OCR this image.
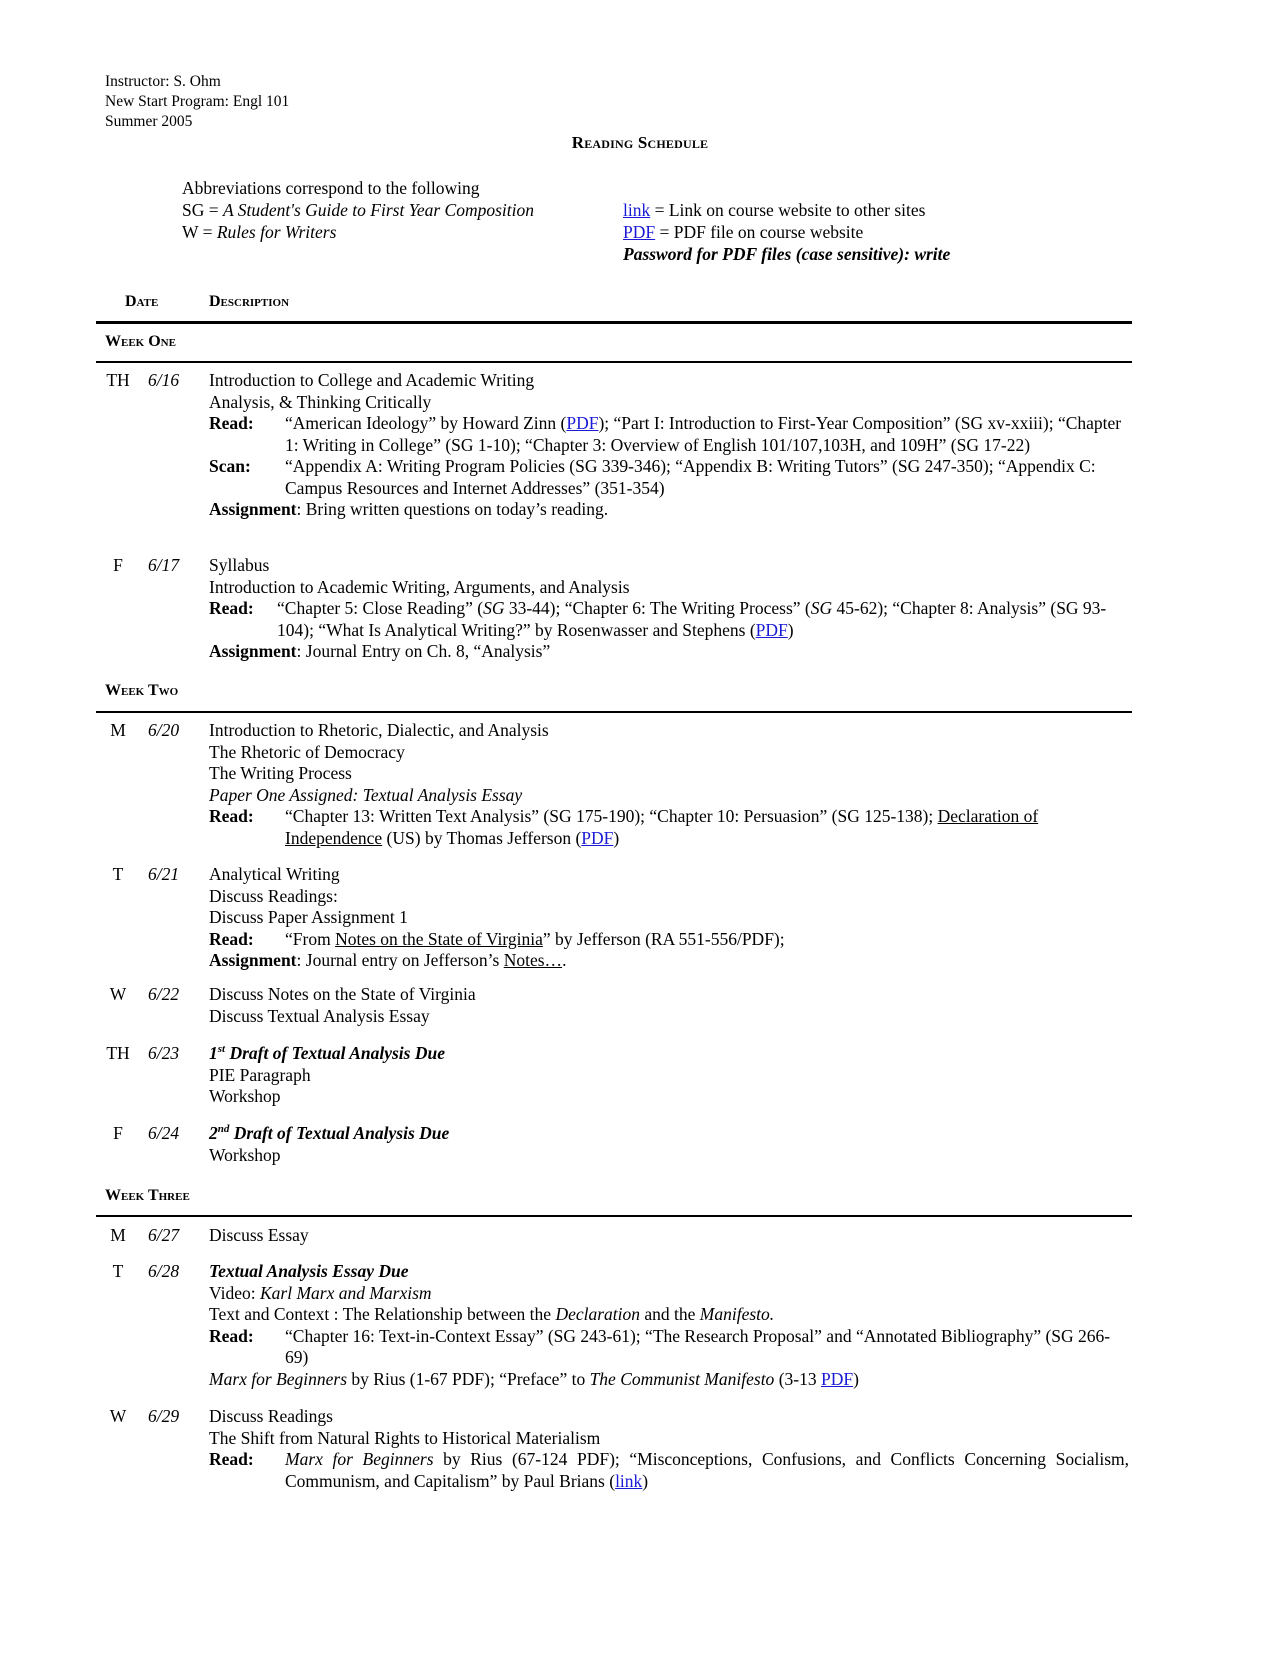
Instructor: S. Ohm
New Start Program: Engl 101
Summer 2005
Reading Schedule
Abbreviations correspond to the following
SG = A Student's Guide to First Year Composition
W = Rules for Writers
link = Link on course website to other sites
PDF = PDF file on course website
Password for PDF files (case sensitive): write
Date	Description
Week One
TH	6/16	Introduction to College and Academic Writing
Analysis, & Thinking Critically
Read:	“American Ideology” by Howard Zinn (PDF); “Part I: Introduction to First-Year Composition” (SG xv-xxiii); “Chapter 1: Writing in College” (SG 1-10); “Chapter 3: Overview of English 101/107,103H, and 109H” (SG 17-22)
Scan:	“Appendix A: Writing Program Policies (SG 339-346); “Appendix B: Writing Tutors” (SG 247-350); “Appendix C: Campus Resources and Internet Addresses” (351-354)
Assignment: Bring written questions on today’s reading.
F	6/17	Syllabus
Introduction to Academic Writing, Arguments, and Analysis
Read:	“Chapter 5: Close Reading” (SG 33-44); “Chapter 6: The Writing Process” (SG 45-62); “Chapter 8: Analysis” (SG 93-104); “What Is Analytical Writing?” by Rosenwasser and Stephens (PDF)
Assignment: Journal Entry on Ch. 8, “Analysis”
Week Two
M	6/20	Introduction to Rhetoric, Dialectic, and Analysis
The Rhetoric of Democracy
The Writing Process
Paper One Assigned: Textual Analysis Essay
Read:	“Chapter 13: Written Text Analysis” (SG 175-190); “Chapter 10: Persuasion” (SG 125-138); Declaration of Independence (US) by Thomas Jefferson (PDF)
T	6/21	Analytical Writing
Discuss Readings:
Discuss Paper Assignment 1
Read:	“From Notes on the State of Virginia” by Jefferson (RA 551-556/PDF);
Assignment: Journal entry on Jefferson’s Notes….
W	6/22	Discuss Notes on the State of Virginia
Discuss Textual Analysis Essay
TH	6/23	1st Draft of Textual Analysis Due
PIE Paragraph
Workshop
F	6/24	2nd Draft of Textual Analysis Due
Workshop
Week Three
M	6/27	Discuss Essay
T	6/28	Textual Analysis Essay Due
Video: Karl Marx and Marxism
Text and Context : The Relationship between the Declaration and the Manifesto.
Read:	“Chapter 16: Text-in-Context Essay” (SG 243-61); “The Research Proposal” and “Annotated Bibliography” (SG 266-69)
Marx for Beginners by Rius (1-67 PDF); “Preface” to The Communist Manifesto (3-13 PDF)
W	6/29	Discuss Readings
The Shift from Natural Rights to Historical Materialism
Read:	Marx for Beginners by Rius (67-124 PDF); “Misconceptions, Confusions, and Conflicts Concerning Socialism, Communism, and Capitalism” by Paul Brians (link)
